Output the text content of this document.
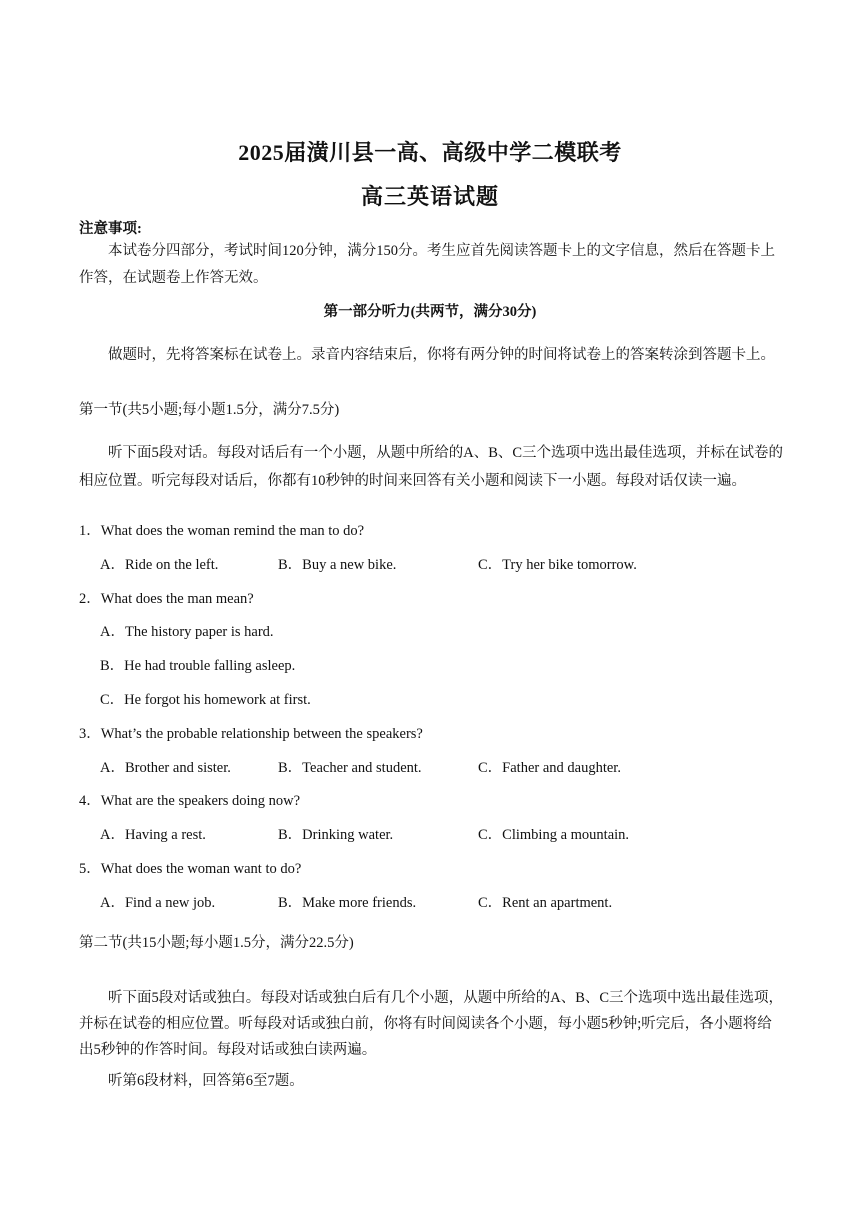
2025届潢川县一高、高级中学二模联考
高三英语试题
注意事项:
本试卷分四部分，考试时间120分钟，满分150分。考生应首先阅读答题卡上的文字信息，然后在答题卡上作答，在试题卷上作答无效。
第一部分听力(共两节，满分30分)
做题时，先将答案标在试卷上。录音内容结束后，你将有两分钟的时间将试卷上的答案转涂到答题卡上。
第一节(共5小题;每小题1.5分，满分7.5分)
听下面5段对话。每段对话后有一个小题，从题中所给的A、B、C三个选项中选出最佳选项，并标在试卷的相应位置。听完每段对话后，你都有10秒钟的时间来回答有关小题和阅读下一小题。每段对话仅读一遍。
1．What does the woman remind the man to do?
A．Ride on the left.	B．Buy a new bike.	C．Try her bike tomorrow.
2．What does the man mean?
A．The history paper is hard.
B．He had trouble falling asleep.
C．He forgot his homework at first.
3．What’s the probable relationship between the speakers?
A．Brother and sister.	B．Teacher and student.	C．Father and daughter.
4．What are the speakers doing now?
A．Having a rest.	B．Drinking water.	C．Climbing a mountain.
5．What does the woman want to do?
A．Find a new job.	B．Make more friends.	C．Rent an apartment.
第二节(共15小题;每小题1.5分，满分22.5分)
听下面5段对话或独白。每段对话或独白后有几个小题，从题中所给的A、B、C三个选项中选出最佳选项，并标在试卷的相应位置。听每段对话或独白前，你将有时间阅读各个小题，每小题5秒钟;听完后，各小题将给出5秒钟的作答时间。每段对话或独白读两遍。
听第6段材料，回答第6至7题。
